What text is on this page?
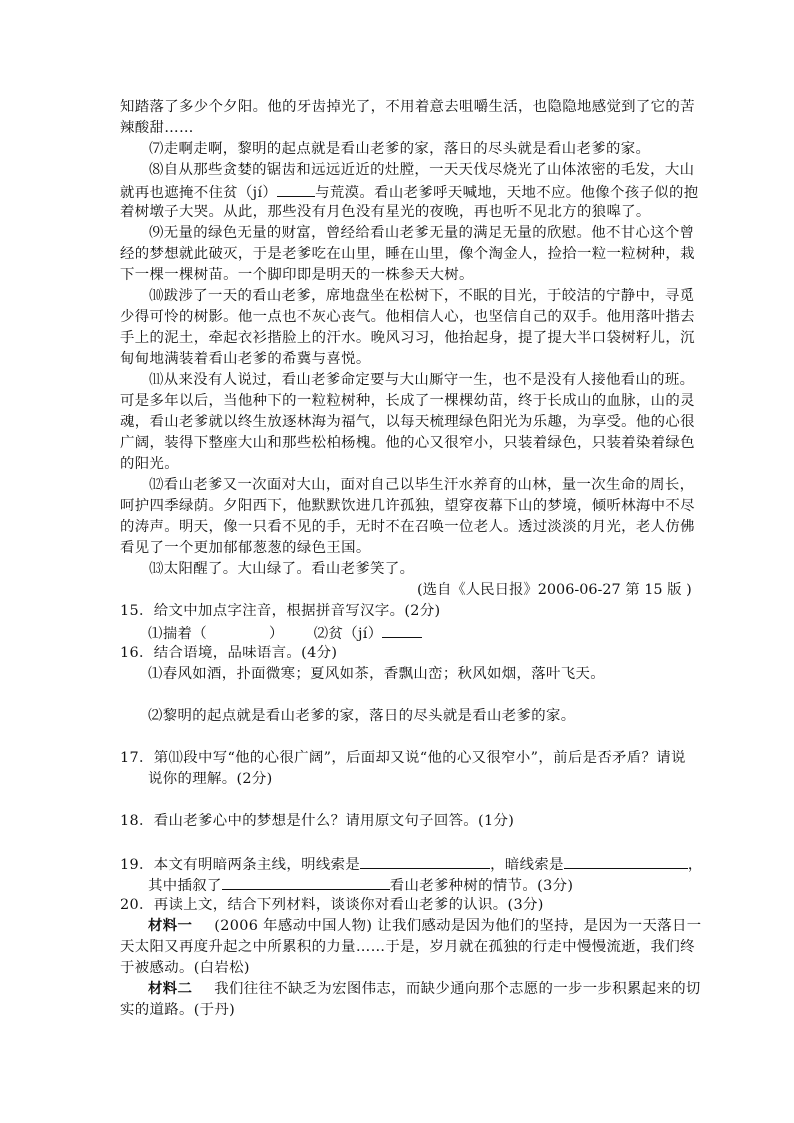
知踏落了多少个夕阳。他的牙齿掉光了，不用着意去咀嚼生活，也隐隐地感觉到了它的苦
辣酸甜……
⑺走啊走啊，黎明的起点就是看山老爹的家，落日的尽头就是看山老爹的家。
⑻自从那些贪婪的锯齿和远远近近的灶膛，一天天伐尽烧光了山体浓密的毛发，大山
就再也遮掩不住贫（jí）	与荒漠。看山老爹呼天喊地，天地不应。他像个孩子似的抱
着树墩子大哭。从此，那些没有月色没有星光的夜晚，再也听不见北方的狼嗥了。
⑼无量的绿色无量的财富，曾经给看山老爹无量的满足无量的欣慰。他不甘心这个曾
经的梦想就此破灭，于是老爹吃在山里，睡在山里，像个淘金人，捡拾一粒一粒树种，栽
下一棵一棵树苗。一个脚印即是明天的一株参天大树。
⑽跋涉了一天的看山老爹，席地盘坐在松树下，不眠的目光，于皎洁的宁静中，寻觅
少得可怜的树影。他一点也不灰心丧气。他相信人心，也坚信自己的双手。他用落叶揩去
手上的泥土，牵起衣衫揩脸上的汗水。晚风习习，他抬起身，提了提大半口袋树籽儿，沉
甸甸地满装着看山老爹的希冀与喜悦。
⑾从来没有人说过，看山老爹命定要与大山厮守一生，也不是没有人接他看山的班。
可是多年以后，当他种下的一粒粒树种，长成了一棵棵幼苗，终于长成山的血脉，山的灵
魂，看山老爹就以终生放逐林海为福气，以每天梳理绿色阳光为乐趣，为享受。他的心很
广阔，装得下整座大山和那些松柏杨槐。他的心又很窄小，只装着绿色，只装着染着绿色
的阳光。
⑿看山老爹又一次面对大山，面对自己以毕生汗水养育的山林，量一次生命的周长，
呵护四季绿荫。夕阳西下，他默默饮进几许孤独，望穿夜幕下山的梦境，倾听林海中不尽
的涛声。明天，像一只看不见的手，无时不在召唤一位老人。透过淡淡的月光，老人仿佛
看见了一个更加郁郁葱葱的绿色王国。
⒀太阳醒了。大山绿了。看山老爹笑了。
(选自《人民日报》2006-06-27 第 15 版 )
15．给文中加点字注音，根据拼音写汉字。(2分)
⑴揣着（	） ⑵贫（jí）
16．结合语境，品味语言。(4分)
⑴春风如酒，扑面微寒；夏风如茶，香飘山峦；秋风如烟，落叶飞天。
⑵黎明的起点就是看山老爹的家，落日的尽头就是看山老爹的家。
17．第⑾段中写“他的心很广阔”，后面却又说“他的心又很窄小”，前后是否矛盾？请说
说你的理解。(2分)
18．看山老爹心中的梦想是什么？请用原文句子回答。(1分)
19．本文有明暗两条主线，明线索是	，暗线索是	，
其中插叙了	看山老爹种树的情节。(3分)
20．再读上文，结合下列材料，谈谈你对看山老爹的认识。(3分)
材料一 (2006 年感动中国人物) 让我们感动是因为他们的坚持，是因为一天落日一
天太阳又再度升起之中所累积的力量……于是，岁月就在孤独的行走中慢慢流逝，我们终
于被感动。(白岩松)
材料二 我们往往不缺乏为宏图伟志，而缺少通向那个志愿的一步一步积累起来的切
实的道路。(于丹)
